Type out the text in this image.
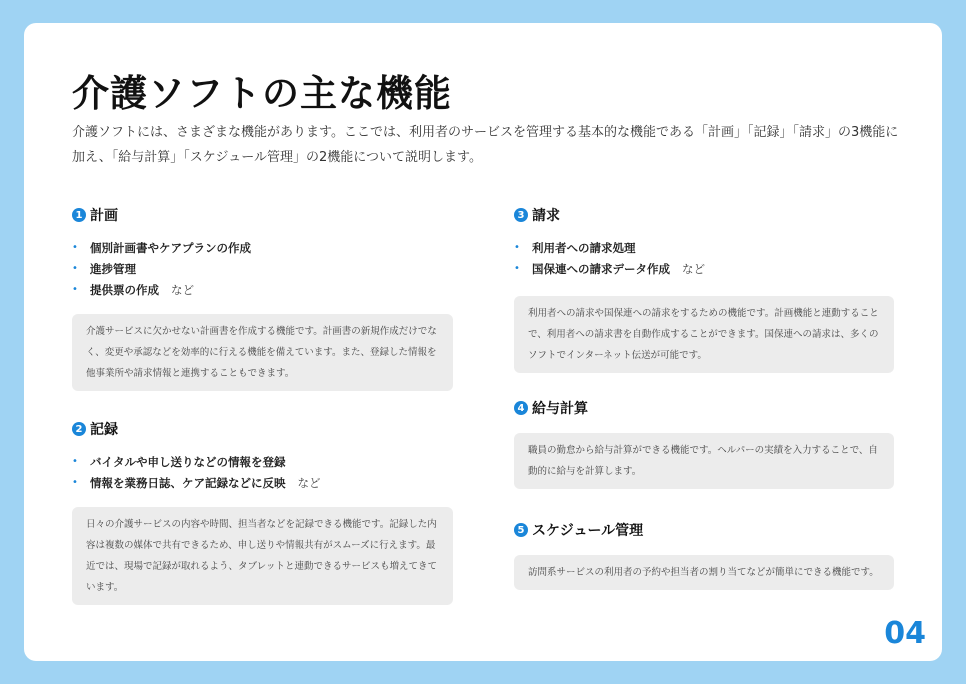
介護ソフトの主な機能

介護ソフトには、さまざまな機能があります。ここでは、利用者のサービスを管理する基本的な機能である「計画」「記録」「請求」の3機能に加え、「給与計算」「スケジュール管理」の2機能について説明します。

1 計画
•	個別計画書やケアプランの作成
•	進捗管理
•	提供票の作成 など
介護サービスに欠かせない計画書を作成する機能です。計画書の新規作成だけでなく、変更や承認などを効率的に行える機能を備えています。また、登録した情報を他事業所や請求情報と連携することもできます。
2 記録
•	バイタルや申し送りなどの情報を登録
•	情報を業務日誌、ケア記録などに反映 など
日々の介護サービスの内容や時間、担当者などを記録できる機能です。記録した内容は複数の媒体で共有できるため、申し送りや情報共有がスムーズに行えます。最近では、現場で記録が取れるよう、タブレットと連動できるサービスも増えてきています。
3 請求
•	利用者への請求処理
•	国保連への請求データ作成 など
利用者への請求や国保連への請求をするための機能です。計画機能と連動することで、利用者への請求書を自動作成することができます。国保連への請求は、多くのソフトでインターネット伝送が可能です。
4 給与計算
職員の勤怠から給与計算ができる機能です。ヘルパーの実績を入力することで、自動的に給与を計算します。
5 スケジュール管理
訪問系サービスの利用者の予約や担当者の割り当てなどが簡単にできる機能です。
04
